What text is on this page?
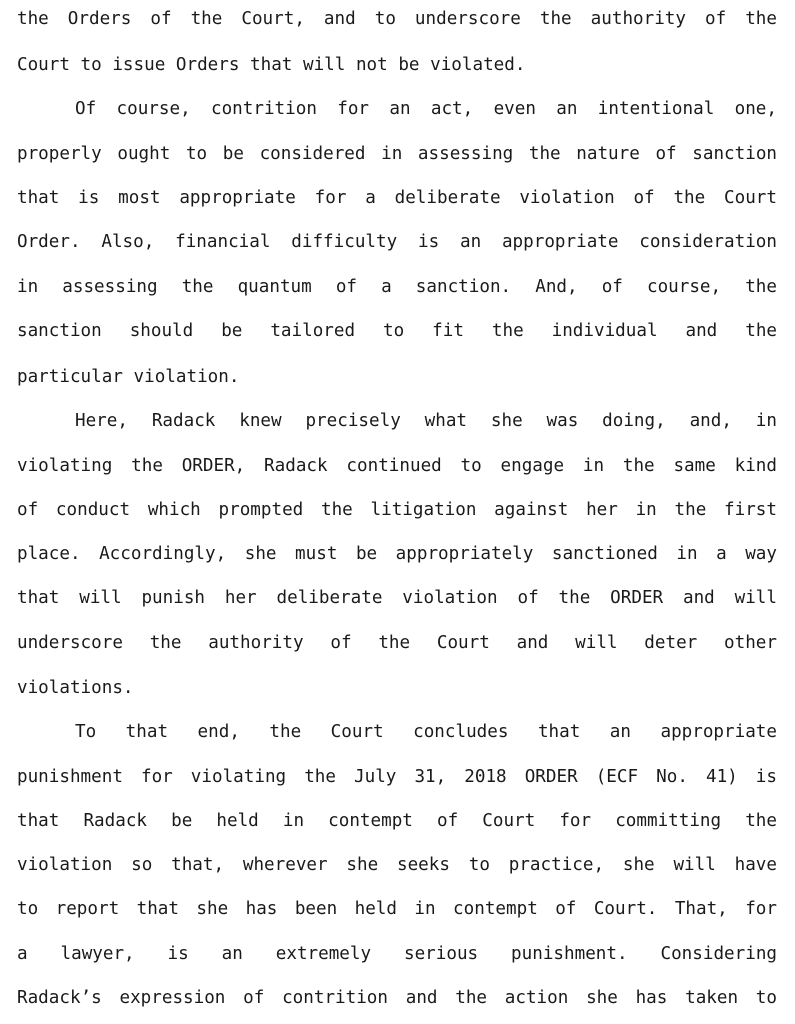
the Orders of the Court, and to underscore the authority of the
Court to issue Orders that will not be violated.
Of course, contrition for an act, even an intentional one,
properly ought to be considered in assessing the nature of sanction
that is most appropriate for a deliberate violation of the Court
Order. Also, financial difficulty is an appropriate consideration
in assessing the quantum of a sanction. And, of course, the
sanction should be tailored to fit the individual and the
particular violation.
Here, Radack knew precisely what she was doing, and, in
violating the ORDER, Radack continued to engage in the same kind
of conduct which prompted the litigation against her in the first
place. Accordingly, she must be appropriately sanctioned in a way
that will punish her deliberate violation of the ORDER and will
underscore the authority of the Court and will deter other
violations.
To that end, the Court concludes that an appropriate
punishment for violating the July 31, 2018 ORDER (ECF No. 41) is
that Radack be held in contempt of Court for committing the
violation so that, wherever she seeks to practice, she will have
to report that she has been held in contempt of Court. That, for
a lawyer, is an extremely serious punishment. Considering
Radack’s expression of contrition and the action she has taken to
